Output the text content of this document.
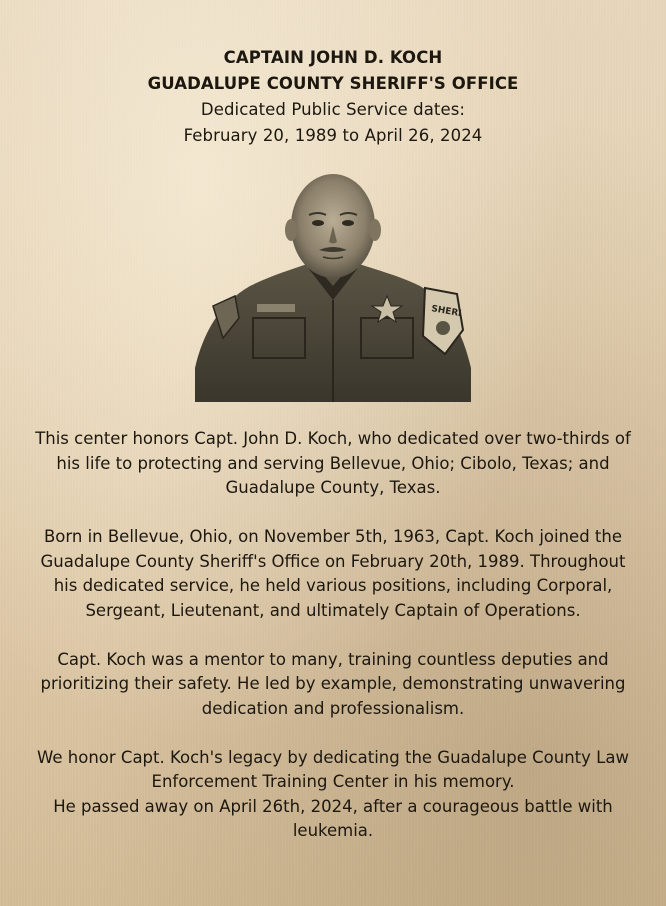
CAPTAIN JOHN D. KOCH
GUADALUPE COUNTY SHERIFF'S OFFICE
Dedicated Public Service dates:
February 20, 1989 to April 26, 2024
SHERI

This center honors Capt. John D. Koch, who dedicated over two-thirds of
his life to protecting and serving Bellevue, Ohio; Cibolo, Texas; and
Guadalupe County, Texas.

Born in Bellevue, Ohio, on November 5th, 1963, Capt. Koch joined the
Guadalupe County Sheriff's Office on February 20th, 1989. Throughout
his dedicated service, he held various positions, including Corporal,
Sergeant, Lieutenant, and ultimately Captain of Operations.

Capt. Koch was a mentor to many, training countless deputies and
prioritizing their safety. He led by example, demonstrating unwavering
dedication and professionalism.

We honor Capt. Koch's legacy by dedicating the Guadalupe County Law
Enforcement Training Center in his memory.
He passed away on April 26th, 2024, after a courageous battle with
leukemia.
